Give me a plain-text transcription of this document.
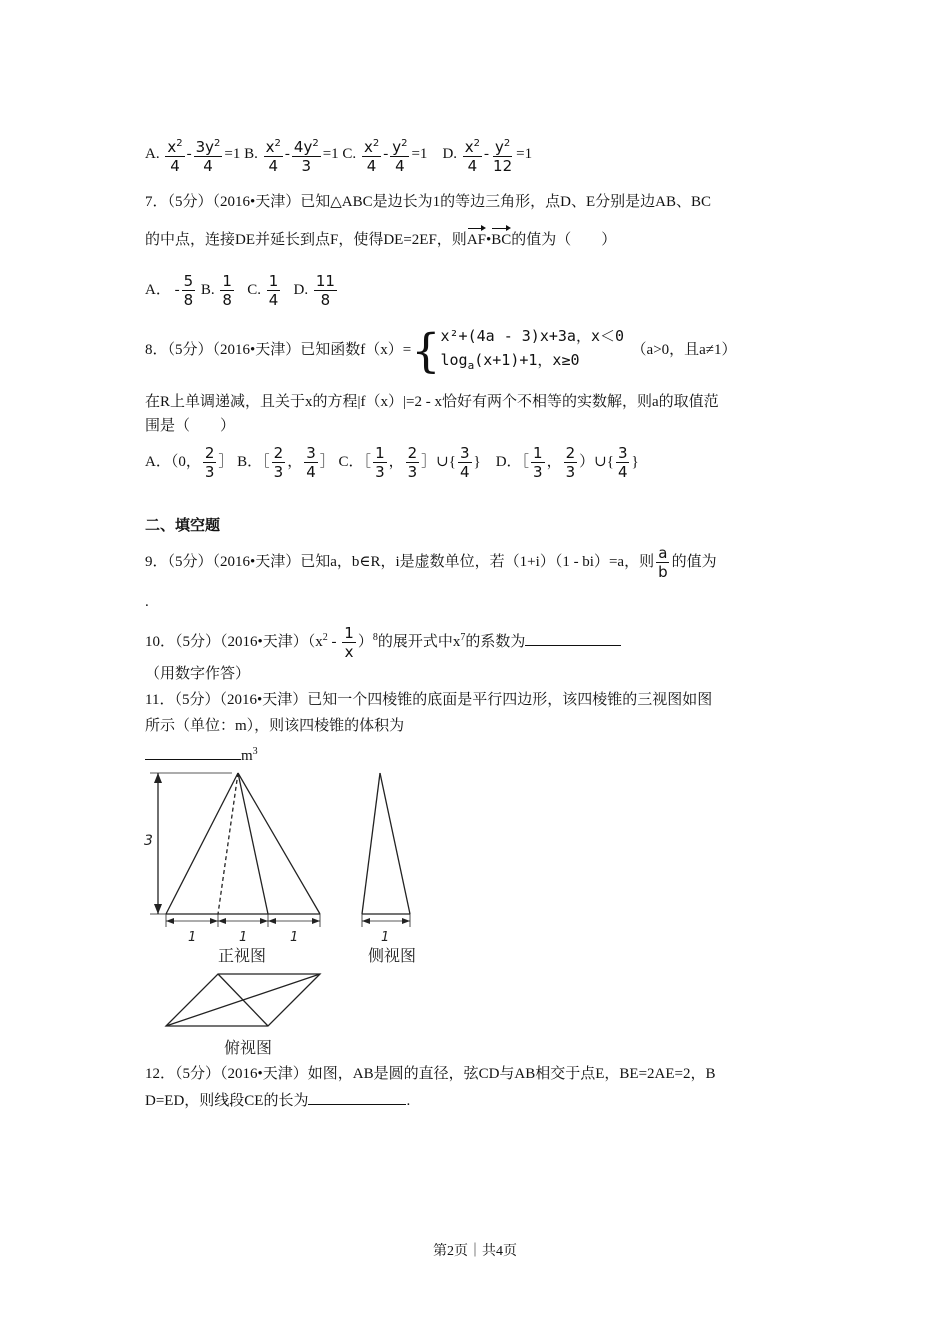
A. $\frac{x^2}{4} - \frac{3y^2}{4} =1$ B. $\frac{x^2}{4} - \frac{4y^2}{3} =1$ C. $\frac{x^2}{4} - \frac{y^2}{4} =1$ D. $\frac{x^2}{4} - \frac{y^2}{12} =1$
7．（5分）（2016•天津）已知△ABC是边长为1的等边三角形，点D、E分别是边AB、BC
的中点，连接DE并延长到点F，使得DE=2EF，则AF•BC的值为（　　）
A． - $\frac{5}{8} B$. $\frac{1}{8} C$. $\frac{1}{4} D$. $\frac{11}{8}$
8．（5分）（2016•天津）已知函数f（x）={ x²+(4a - 3)x+3a，x＜0
$\log_a(x+1)+1$，x≥0
（a>0，且a≠1）
在R上单调递减，且关于x的方程|f（x）|=2 - x恰好有两个不相等的实数解，则a的取值范
围是（　　）
A．（0， $\frac{2}{3}$ ］ B．［ $\frac{2}{3}$ ， $\frac{3}{4}$ ］ C．［ $\frac{1}{3}$ ， $\frac{2}{3}$ ］∪{ $\frac{3}{4}$ } D．［ $\frac{1}{3}$ ， $\frac{2}{3}$ ）∪{ $\frac{3}{4}$ }
二、填空题
9．（5分）（2016•天津）已知a，b∈R，i是虚数单位，若（1+i）（1 - bi）=a，则 $\frac{a}{b}$ 的值为
.
10．（5分）（2016•天津）$(x^2 - \frac{1}{x} )^8$的展开式中$x^7$的系数为
（用数字作答）
11．（5分）（2016•天津）已知一个四棱锥的底面是平行四边形，该四棱锥的三视图如图
所示（单位：m），则该四棱锥的体积为
$m^3$
3
1	1	1
正视图
1
侧视图
俯视图
12．（5分）（2016•天津）如图，AB是圆的直径，弦CD与AB相交于点E，BE=2AE=2，B
D=ED，则线段CE的长为	.
第2页｜共4页
